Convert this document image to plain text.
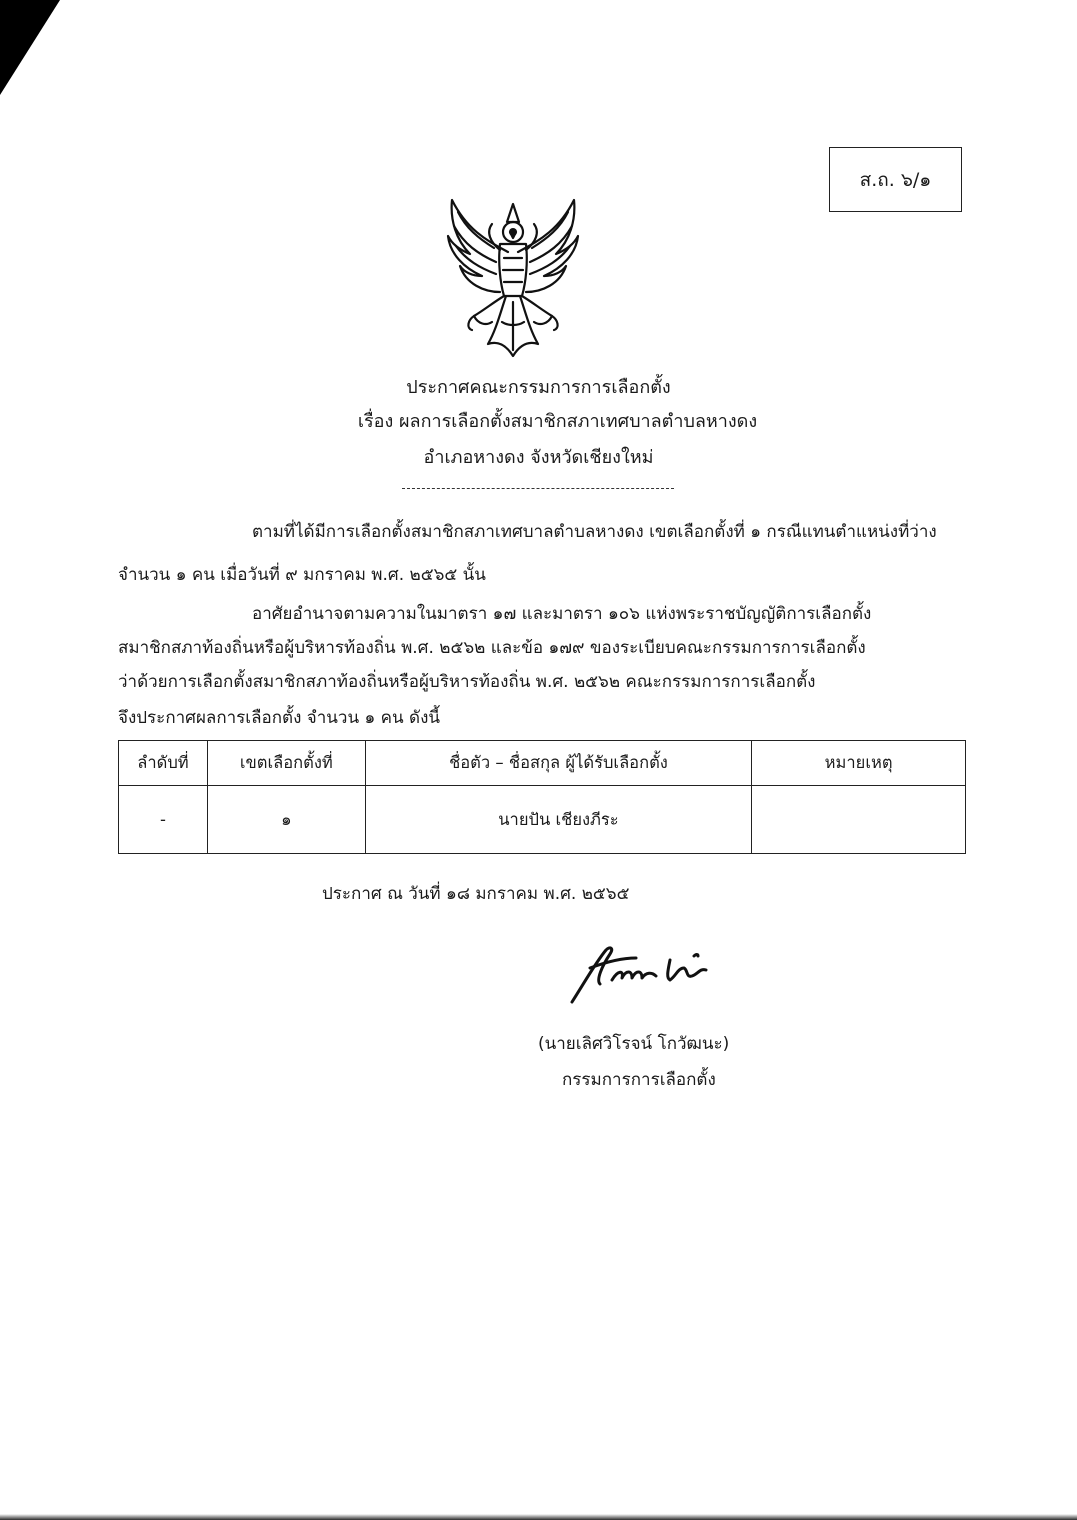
ส.ถ. ๖/๑
ประกาศคณะกรรมการการเลือกตั้ง
เรื่อง ผลการเลือกตั้งสมาชิกสภาเทศบาลตำบลหางดง
อำเภอหางดง จังหวัดเชียงใหม่
ตามที่ได้มีการเลือกตั้งสมาชิกสภาเทศบาลตำบลหางดง เขตเลือกตั้งที่ ๑ กรณีแทนตำแหน่งที่ว่าง
จำนวน ๑ คน เมื่อวันที่ ๙ มกราคม พ.ศ. ๒๕๖๕ นั้น
อาศัยอำนาจตามความในมาตรา ๑๗ และมาตรา ๑๐๖ แห่งพระราชบัญญัติการเลือกตั้ง
สมาชิกสภาท้องถิ่นหรือผู้บริหารท้องถิ่น พ.ศ. ๒๕๖๒ และข้อ ๑๗๙ ของระเบียบคณะกรรมการการเลือกตั้ง
ว่าด้วยการเลือกตั้งสมาชิกสภาท้องถิ่นหรือผู้บริหารท้องถิ่น พ.ศ. ๒๕๖๒ คณะกรรมการการเลือกตั้ง
จึงประกาศผลการเลือกตั้ง จำนวน ๑ คน ดังนี้
ลำดับที่	เขตเลือกตั้งที่	ชื่อตัว – ชื่อสกุล ผู้ได้รับเลือกตั้ง	หมายเหตุ
-	๑	นายปัน เชียงภีระ	
ประกาศ ณ วันที่ ๑๘ มกราคม พ.ศ. ๒๕๖๕
(นายเลิศวิโรจน์ โกวัฒนะ)
กรรมการการเลือกตั้ง
